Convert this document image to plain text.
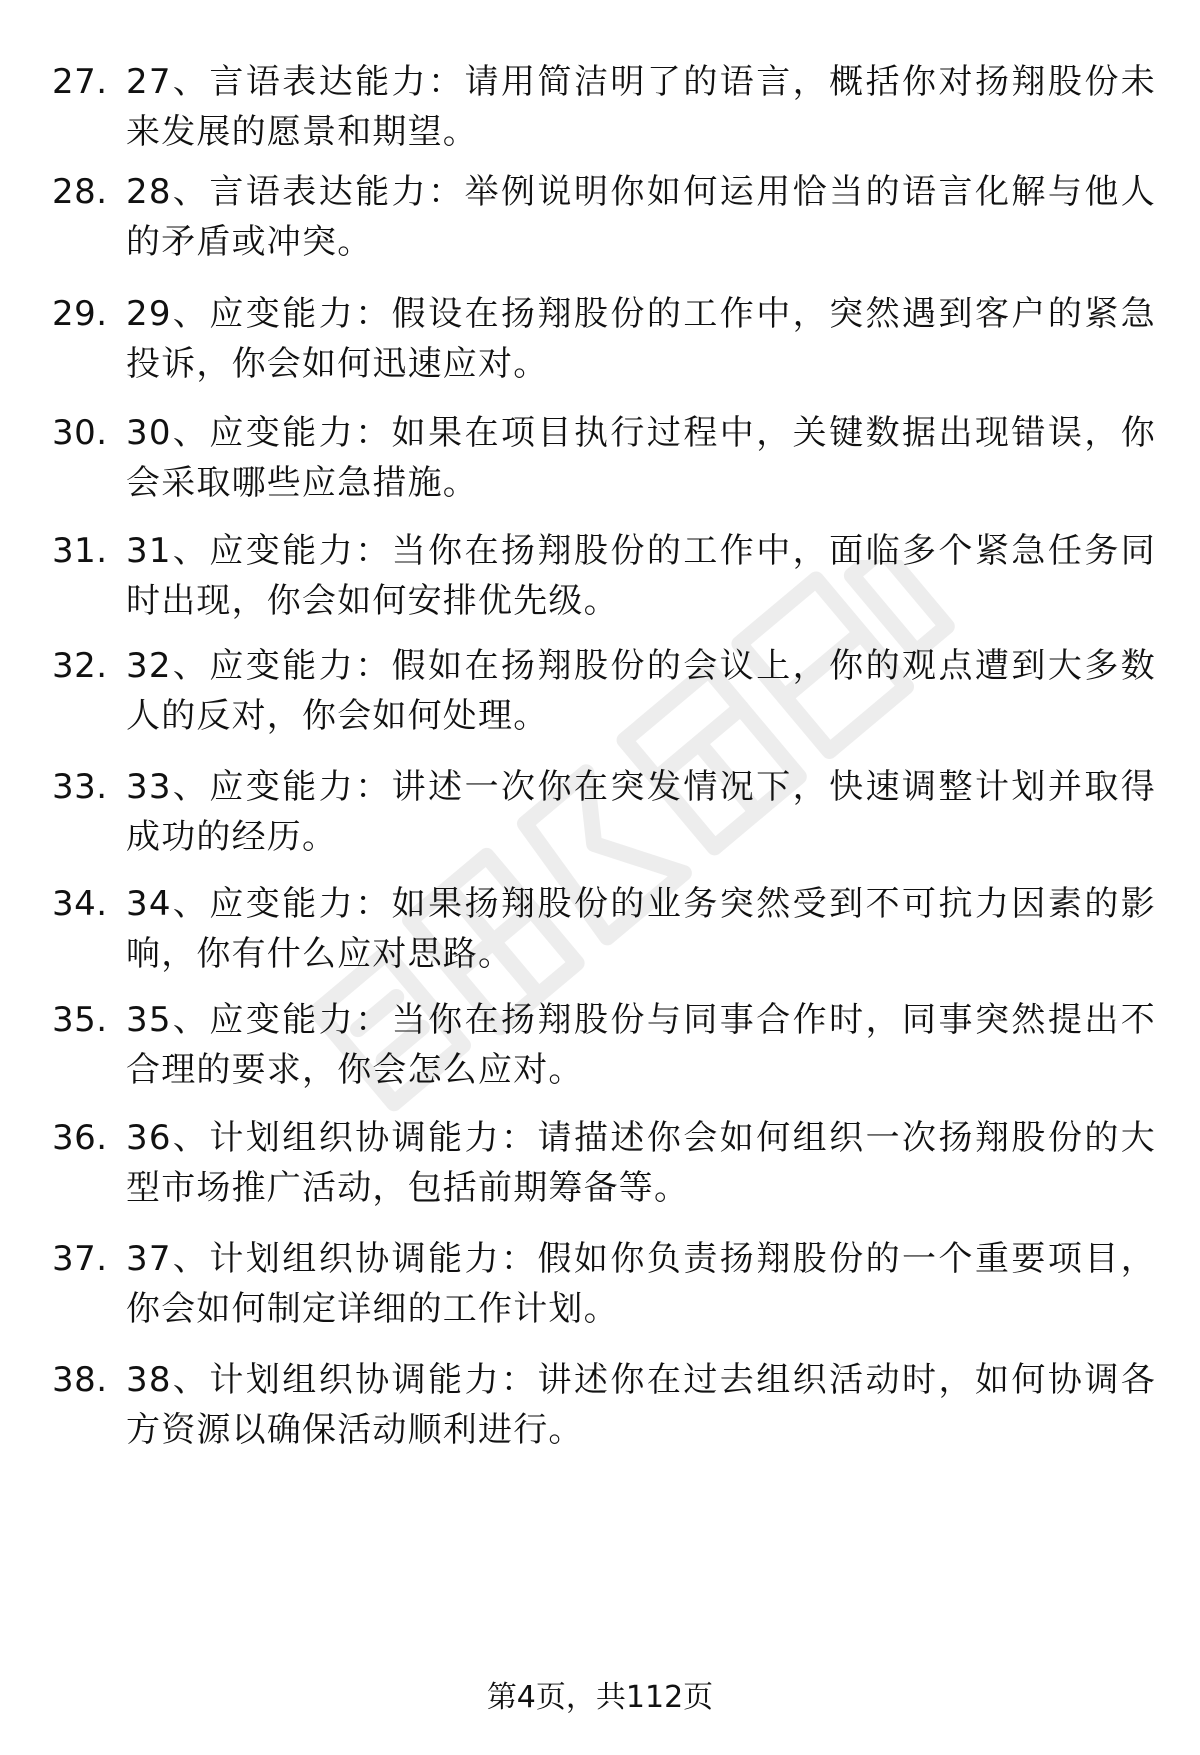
27. 27、言语表达能力：请用简洁明了的语言，概括你对扬翔股份未来发展的愿景和期望。
28. 28、言语表达能力：举例说明你如何运用恰当的语言化解与他人的矛盾或冲突。
29. 29、应变能力：假设在扬翔股份的工作中，突然遇到客户的紧急投诉，你会如何迅速应对。
30. 30、应变能力：如果在项目执行过程中，关键数据出现错误，你会采取哪些应急措施。
31. 31、应变能力：当你在扬翔股份的工作中，面临多个紧急任务同时出现，你会如何安排优先级。
32. 32、应变能力：假如在扬翔股份的会议上，你的观点遭到大多数人的反对，你会如何处理。
33. 33、应变能力：讲述一次你在突发情况下，快速调整计划并取得成功的经历。
34. 34、应变能力：如果扬翔股份的业务突然受到不可抗力因素的影响，你有什么应对思路。
35. 35、应变能力：当你在扬翔股份与同事合作时，同事突然提出不合理的要求，你会怎么应对。
36. 36、计划组织协调能力：请描述你会如何组织一次扬翔股份的大型市场推广活动，包括前期筹备等。
37. 37、计划组织协调能力：假如你负责扬翔股份的一个重要项目，你会如何制定详细的工作计划。
38. 38、计划组织协调能力：讲述你在过去组织活动时，如何协调各方资源以确保活动顺利进行。
第4页，共112页
